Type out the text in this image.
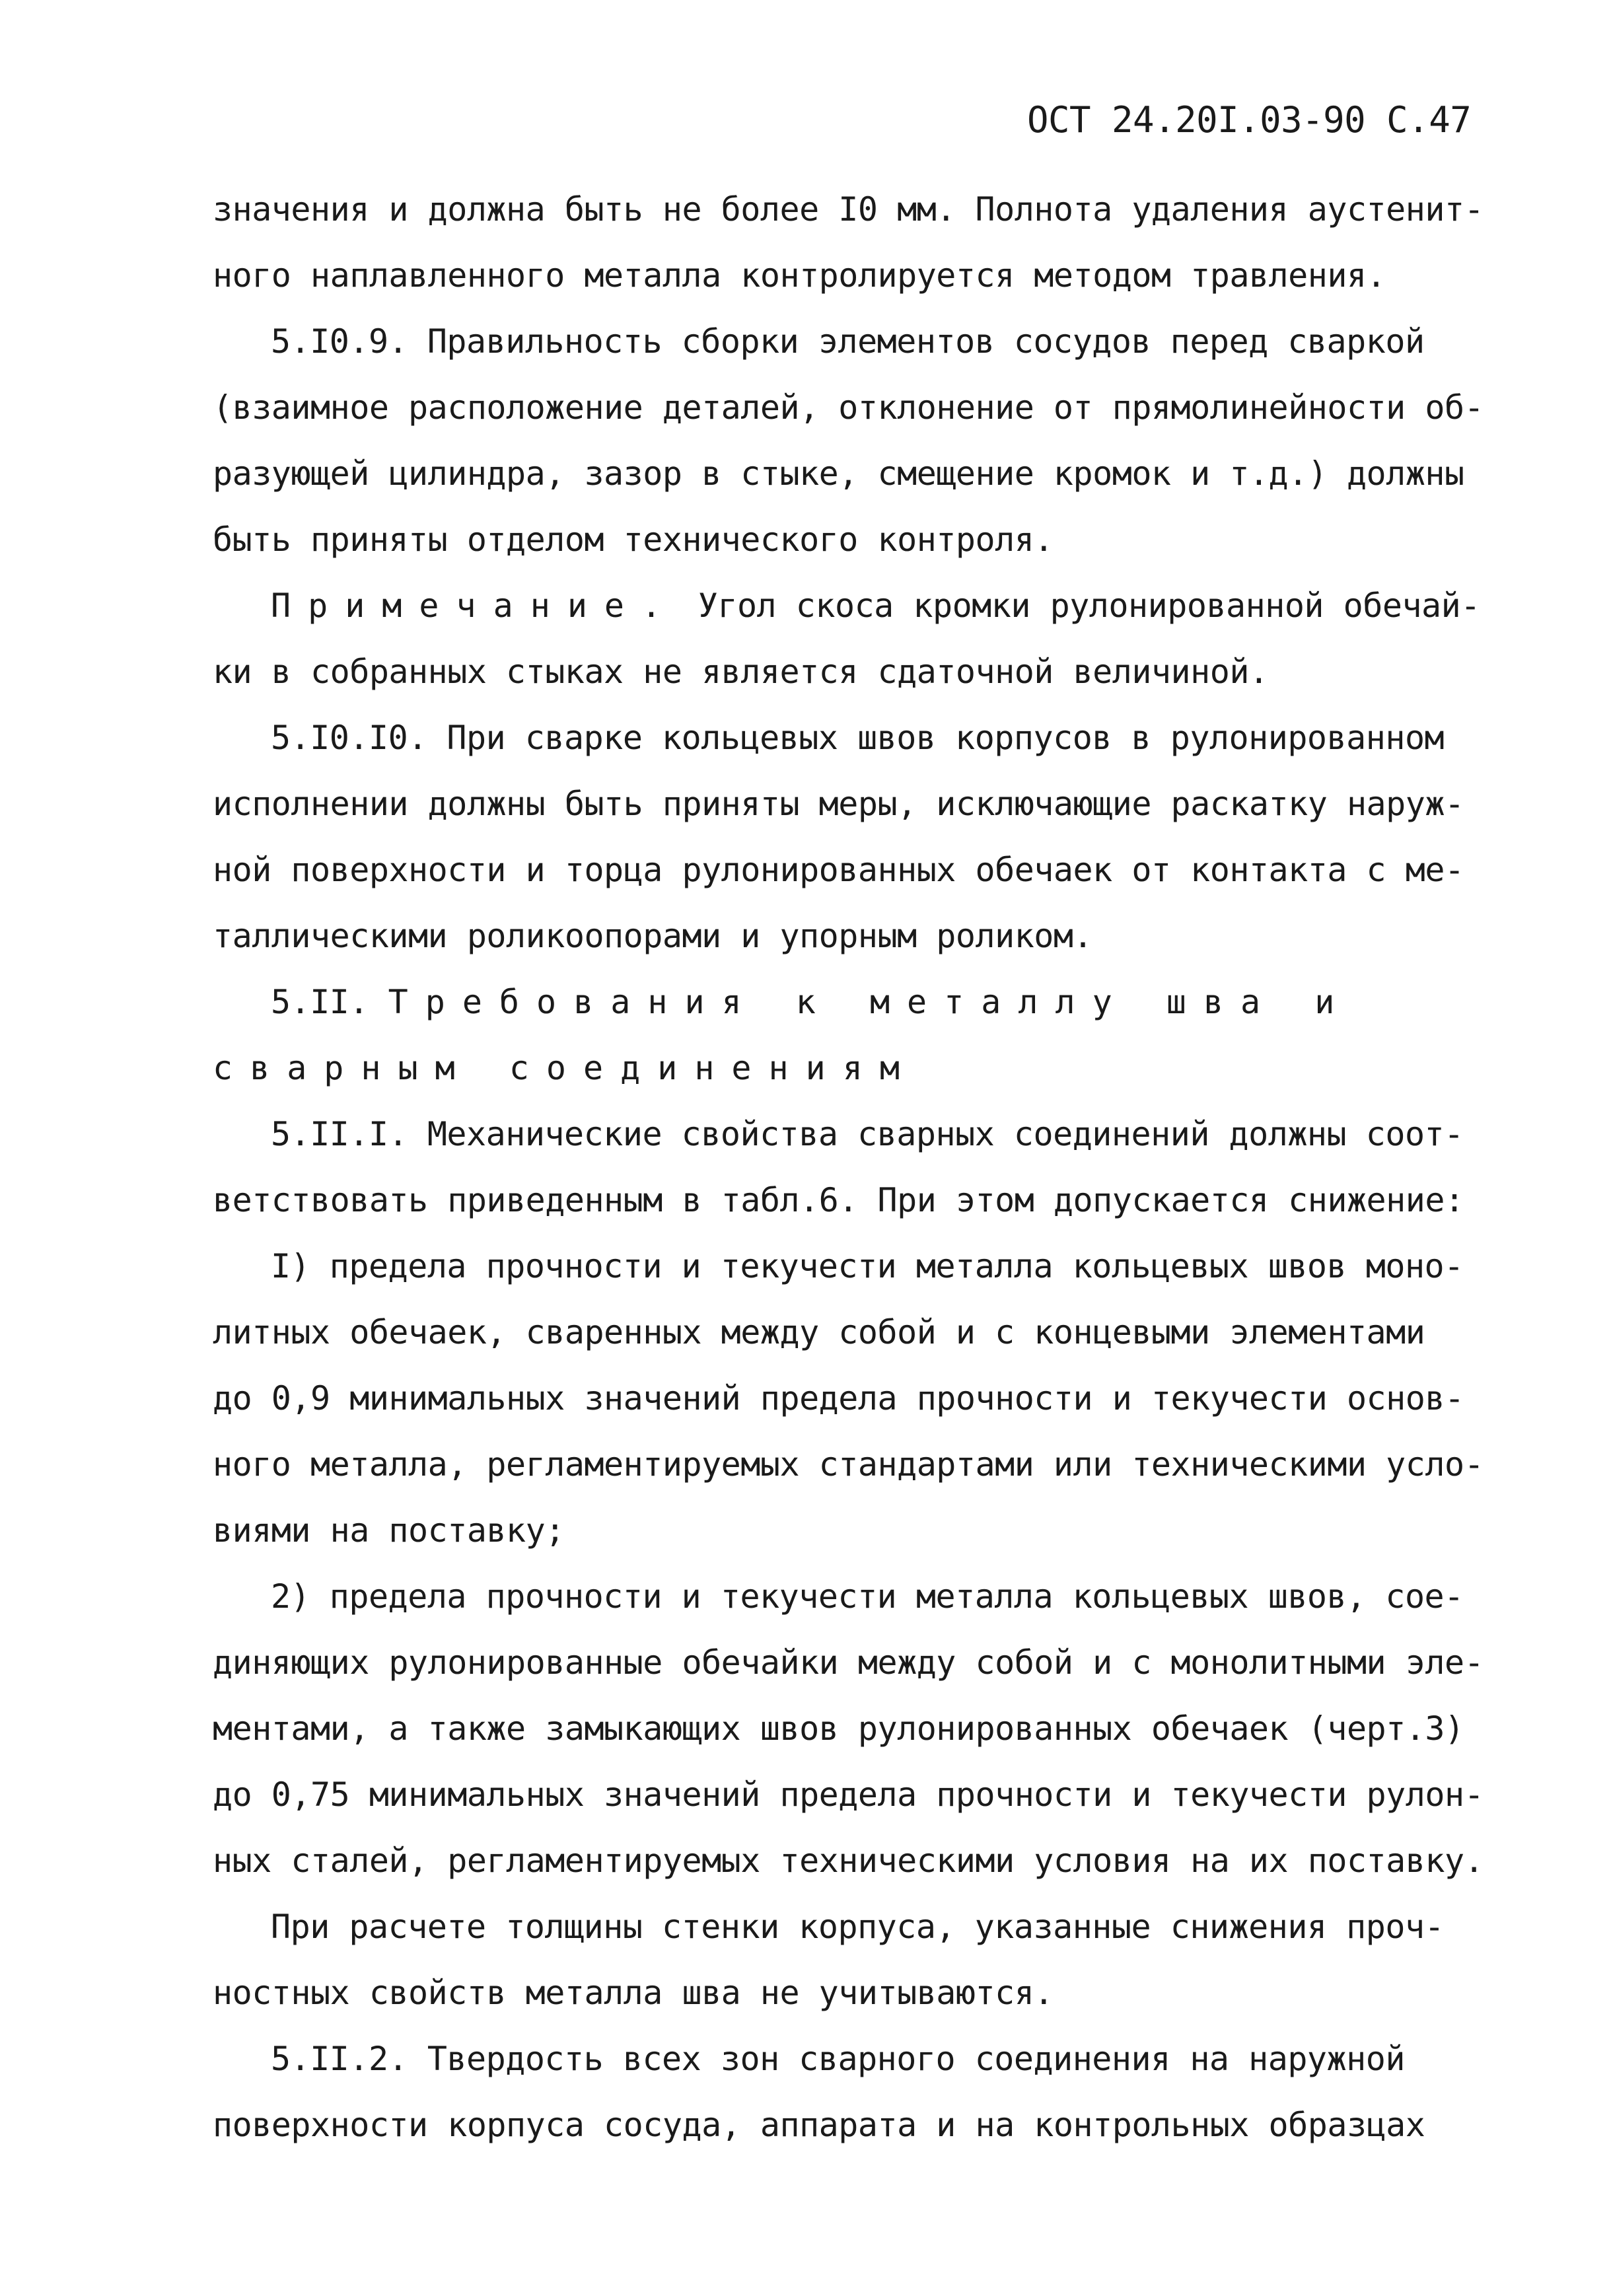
ОСТ 24.20I.03-90 С.47
значения и должна быть не более I0 мм. Полнота удаления аустенит-
ного наплавленного металла контролируется методом травления.
5.I0.9. Правильность сборки элементов сосудов перед сваркой
(взаимное расположение деталей, отклонение от прямолинейности об-
разующей цилиндра, зазор в стыке, смещение кромок и т.д.) должны
быть приняты отделом технического контроля.
Примечание. Угол скоса кромки рулонированной обечай-
ки в собранных стыках не является сдаточной величиной.
5.I0.I0. При сварке кольцевых швов корпусов в рулонированном
исполнении должны быть приняты меры, исключающие раскатку наруж-
ной поверхности и торца рулонированных обечаек от контакта с ме-
таллическими роликоопорами и упорным роликом.
5.II. Требования к металлу шва и
сварным соединениям
5.II.I. Механические свойства сварных соединений должны соот-
ветствовать приведенным в табл.6. При этом допускается снижение:
I) предела прочности и текучести металла кольцевых швов моно-
литных обечаек, сваренных между собой и с концевыми элементами
до 0,9 минимальных значений предела прочности и текучести основ-
ного металла, регламентируемых стандартами или техническими усло-
виями на поставку;
2) предела прочности и текучести металла кольцевых швов, сое-
диняющих рулонированные обечайки между собой и с монолитными эле-
ментами, а также замыкающих швов рулонированных обечаек (черт.3)
до 0,75 минимальных значений предела прочности и текучести рулон-
ных сталей, регламентируемых техническими условия на их поставку.
При расчете толщины стенки корпуса, указанные снижения проч-
ностных свойств металла шва не учитываются.
5.II.2. Твердость всех зон сварного соединения на наружной
поверхности корпуса сосуда, аппарата и на контрольных образцах
